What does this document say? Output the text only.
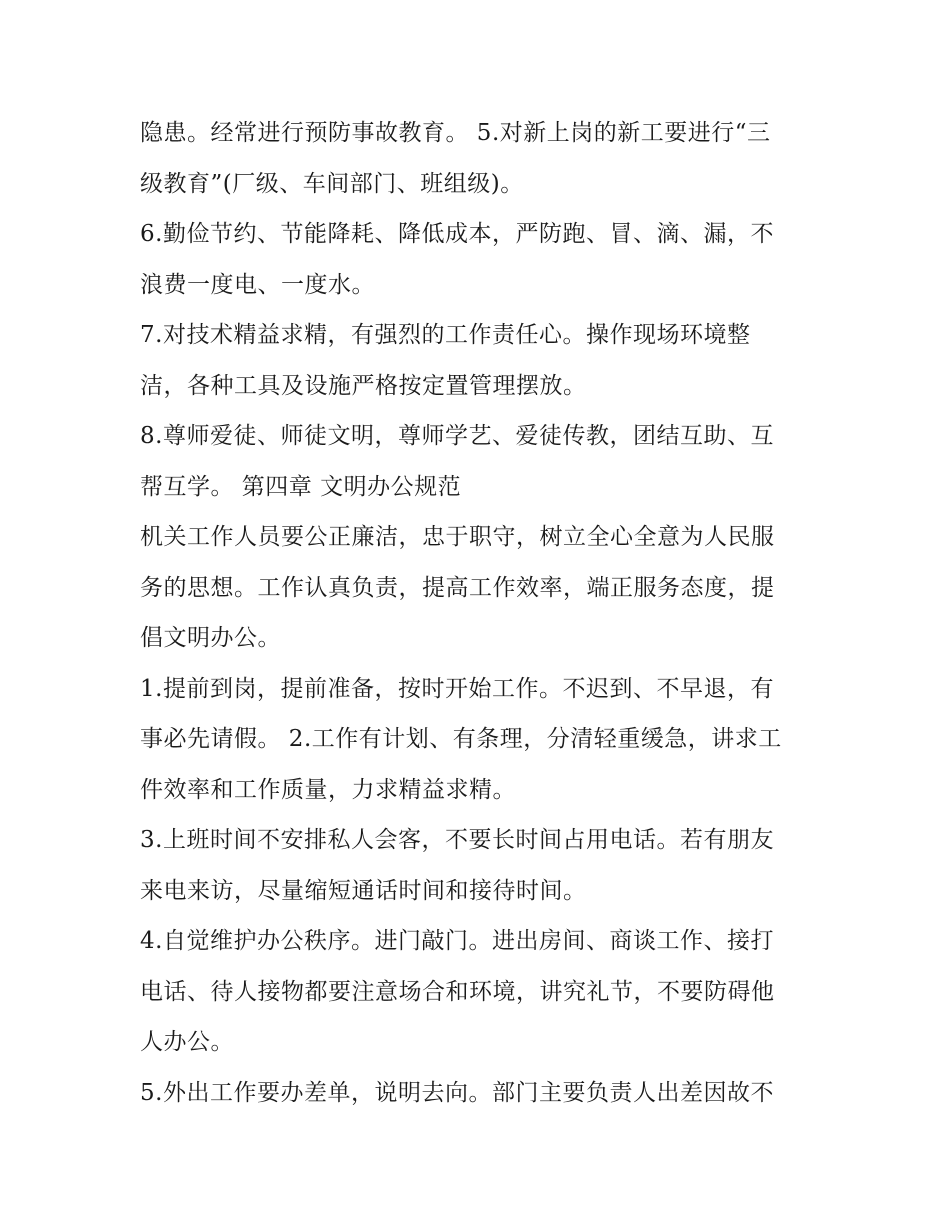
隐患。经常进行预防事故教育。 5.对新上岗的新工要进行“三
级教育”(厂级、车间部门、班组级)。
6.勤俭节约、节能降耗、降低成本，严防跑、冒、滴、漏，不
浪费一度电、一度水。
7.对技术精益求精，有强烈的工作责任心。操作现场环境整
洁，各种工具及设施严格按定置管理摆放。
8.尊师爱徒、师徒文明，尊师学艺、爱徒传教，团结互助、互
帮互学。 第四章 文明办公规范
机关工作人员要公正廉洁，忠于职守，树立全心全意为人民服
务的思想。工作认真负责，提高工作效率，端正服务态度，提
倡文明办公。
1.提前到岗，提前准备，按时开始工作。不迟到、不早退，有
事必先请假。 2.工作有计划、有条理，分清轻重缓急，讲求工
件效率和工作质量，力求精益求精。
3.上班时间不安排私人会客，不要长时间占用电话。若有朋友
来电来访，尽量缩短通话时间和接待时间。
4.自觉维护办公秩序。进门敲门。进出房间、商谈工作、接打
电话、待人接物都要注意场合和环境，讲究礼节，不要防碍他
人办公。
5.外出工作要办差单，说明去向。部门主要负责人出差因故不
